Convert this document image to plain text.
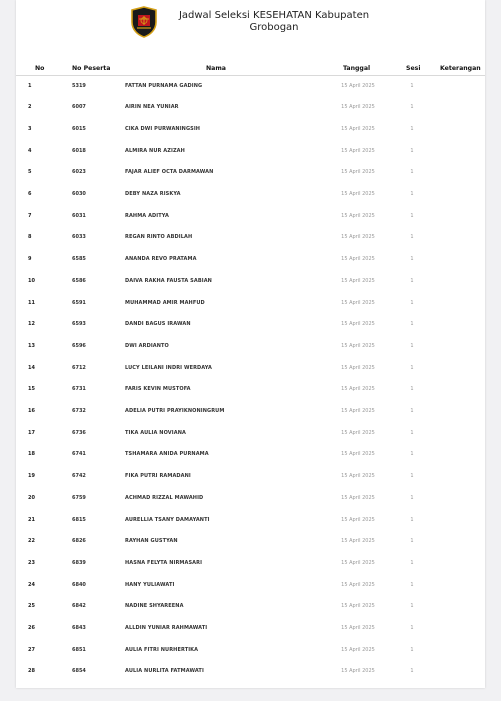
Jadwal Seleksi KESEHATAN Kabupaten Grobogan
No	No Peserta	Nama	Tanggal	Sesi	Keterangan
1	5319	FATTAN PURNAMA GADING	15 April 2025	1
2	6007	AIRIN NEA YUNIAR	15 April 2025	1
3	6015	CIKA DWI PURWANINGSIH	15 April 2025	1
4	6018	ALMIRA NUR AZIZAH	15 April 2025	1
5	6023	FAJAR ALIEF OCTA DARMAWAN	15 April 2025	1
6	6030	DEBY NAZA RISKYA	15 April 2025	1
7	6031	RAHMA ADITYA	15 April 2025	1
8	6033	REGAN RINTO ABDILAH	15 April 2025	1
9	6585	ANANDA REVO PRATAMA	15 April 2025	1
10	6586	DAIVA RAKHA FAUSTA SABIAN	15 April 2025	1
11	6591	MUHAMMAD AMIR MAHFUD	15 April 2025	1
12	6593	DANDI BAGUS IRAWAN	15 April 2025	1
13	6596	DWI ARDIANTO	15 April 2025	1
14	6712	LUCY LEILANI INDRI WERDAYA	15 April 2025	1
15	6731	FARIS KEVIN MUSTOFA	15 April 2025	1
16	6732	ADELIA PUTRI PRAYIKNONINGRUM	15 April 2025	1
17	6736	TIKA AULIA NOVIANA	15 April 2025	1
18	6741	TSHAMARA ANIDA PURNAMA	15 April 2025	1
19	6742	FIKA PUTRI RAMADANI	15 April 2025	1
20	6759	ACHMAD RIZZAL MAWAHID	15 April 2025	1
21	6815	AURELLIA TSANY DAMAYANTI	15 April 2025	1
22	6826	RAYHAN GUSTYAN	15 April 2025	1
23	6839	HASNA FELYTA NIRMASARI	15 April 2025	1
24	6840	HANY YULIAWATI	15 April 2025	1
25	6842	NADINE SHYAREENA	15 April 2025	1
26	6843	ALLDIN YUNIAR RAHMAWATI	15 April 2025	1
27	6851	AULIA FITRI NURHERTIKA	15 April 2025	1
28	6854	AULIA NURLITA FATMAWATI	15 April 2025	1
